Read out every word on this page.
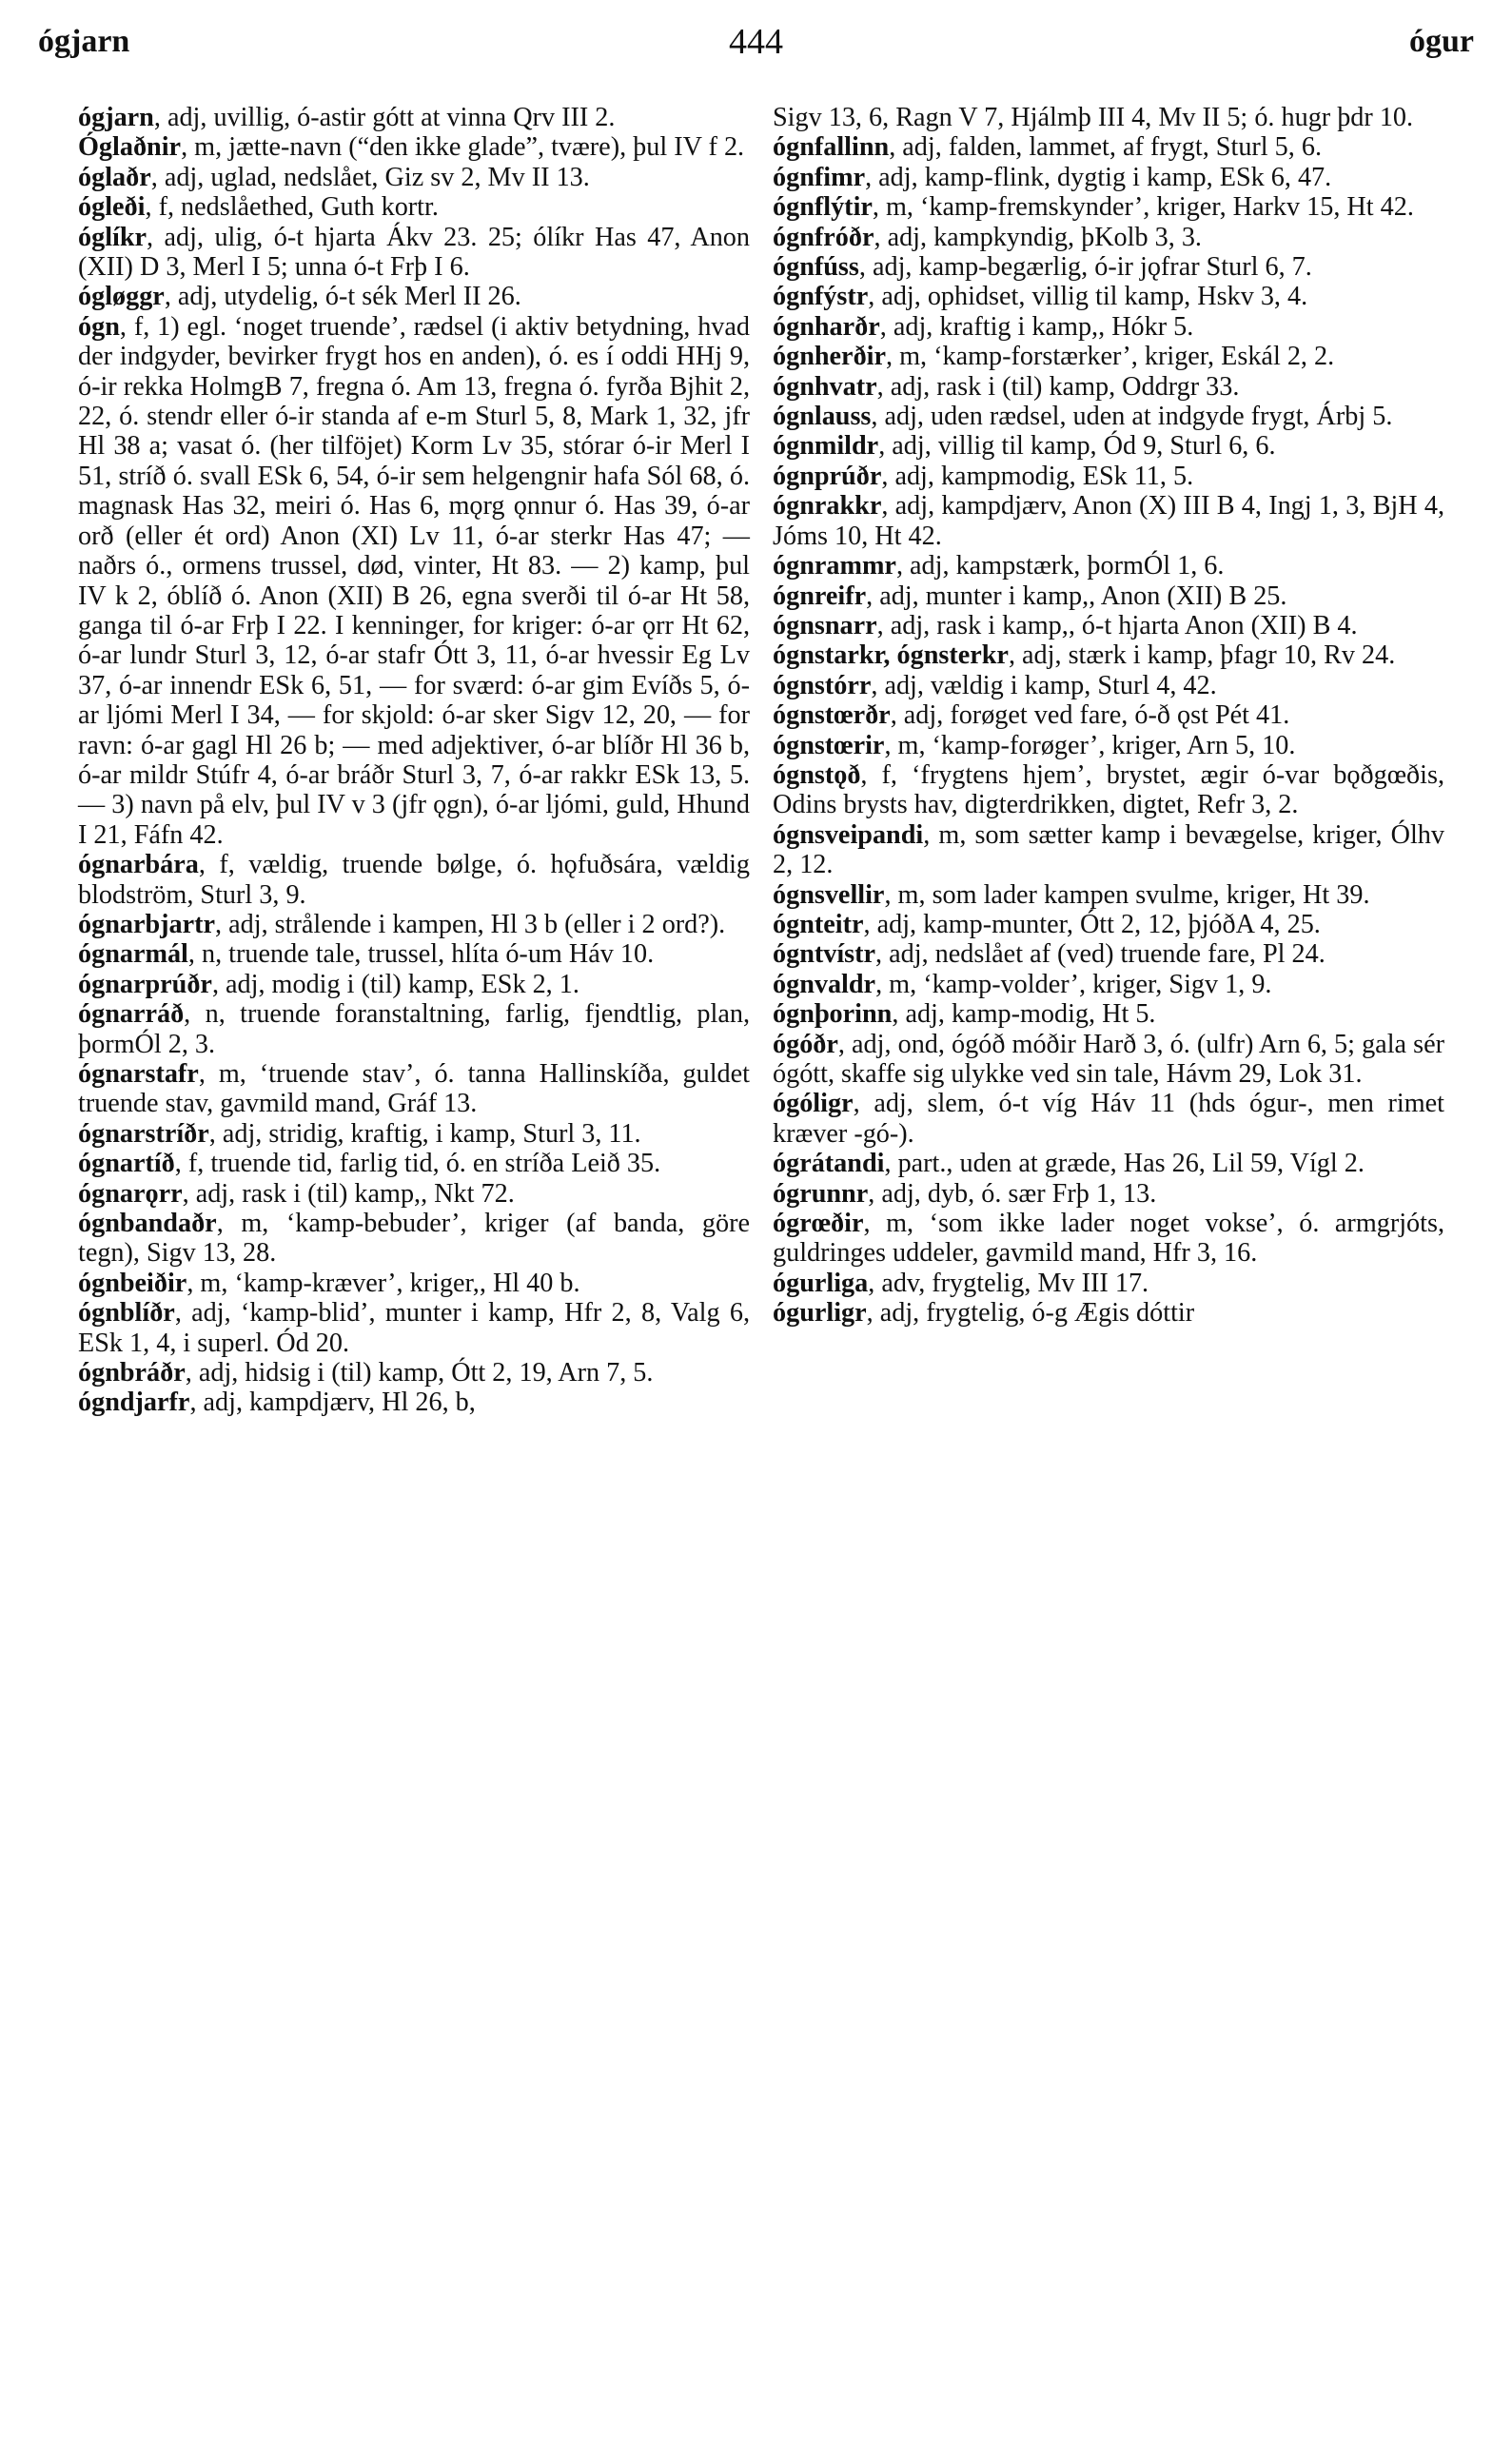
ógjarn	444	ógur

ógjarn, adj, uvillig, ó-astir gótt at vinna Qrv III 2.

Óglaðnir, m, jætte-navn (“den ikke glade”, tvære), þul IV f 2.

óglaðr, adj, uglad, nedslået, Giz sv 2, Mv II 13.

ógleði, f, nedslåethed, Guth kortr.

óglíkr, adj, ulig, ó-t hjarta Ákv 23. 25; ólíkr Has 47, Anon (XII) D 3, Merl I 5; unna ó-t Frþ I 6.

ógløggr, adj, utydelig, ó-t sék Merl II 26.

ógn, f, 1) egl. ‘noget truende’, rædsel (i aktiv betydning, hvad der indgyder, bevirker frygt hos en anden), ó. es í oddi HHj 9, ó-ir rekka HolmgB 7, fregna ó. Am 13, fregna ó. fyrða Bjhit 2, 22, ó. stendr eller ó-ir standa af e-m Sturl 5, 8, Mark 1, 32, jfr Hl 38 a; vasat ó. (her tilföjet) Korm Lv 35, stórar ó-ir Merl I 51, stríð ó. svall ESk 6, 54, ó-ir sem helgengnir hafa Sól 68, ó. magnask Has 32, meiri ó. Has 6, mǫrg ǫnnur ó. Has 39, ó-ar orð (eller ét ord) Anon (XI) Lv 11, ó-ar sterkr Has 47; — naðrs ó., ormens trussel, død, vinter, Ht 83. — 2) kamp, þul IV k 2, óblíð ó. Anon (XII) B 26, egna sverði til ó-ar Ht 58, ganga til ó-ar Frþ I 22. I kenninger, for kriger: ó-ar ǫrr Ht 62, ó-ar lundr Sturl 3, 12, ó-ar stafr Ótt 3, 11, ó-ar hvessir Eg Lv 37, ó-ar innendr ESk 6, 51, — for sværd: ó-ar gim Evíðs 5, ó-ar ljómi Merl I 34, — for skjold: ó-ar sker Sigv 12, 20, — for ravn: ó-ar gagl Hl 26 b; — med adjektiver, ó-ar blíðr Hl 36 b, ó-ar mildr Stúfr 4, ó-ar bráðr Sturl 3, 7, ó-ar rakkr ESk 13, 5. — 3) navn på elv, þul IV v 3 (jfr ǫgn), ó-ar ljómi, guld, Hhund I 21, Fáfn 42.

ógnarbára, f, vældig, truende bølge, ó. hǫfuðsára, vældig blodström, Sturl 3, 9.

ógnarbjartr, adj, strålende i kampen, Hl 3 b (eller i 2 ord?).

ógnarmál, n, truende tale, trussel, hlíta ó-um Háv 10.

ógnarprúðr, adj, modig i (til) kamp, ESk 2, 1.

ógnarráð, n, truende foranstaltning, farlig, fjendtlig, plan, þormÓl 2, 3.

ógnarstafr, m, ‘truende stav’, ó. tanna Hallinskíða, guldet truende stav, gavmild mand, Gráf 13.

ógnarstríðr, adj, stridig, kraftig, i kamp, Sturl 3, 11.

ógnartíð, f, truende tid, farlig tid, ó. en stríða Leið 35.

ógnarǫrr, adj, rask i (til) kamp,, Nkt 72.

ógnbandaðr, m, ‘kamp-bebuder’, kriger (af banda, göre tegn), Sigv 13, 28.

ógnbeiðir, m, ‘kamp-kræver’, kriger,, Hl 40 b.

ógnblíðr, adj, ‘kamp-blid’, munter i kamp, Hfr 2, 8, Valg 6, ESk 1, 4, i superl. Ód 20.

ógnbráðr, adj, hidsig i (til) kamp, Ótt 2, 19, Arn 7, 5.

ógndjarfr, adj, kampdjærv, Hl 26, b,

Sigv 13, 6, Ragn V 7, Hjálmþ III 4, Mv II 5; ó. hugr þdr 10.

ógnfallinn, adj, falden, lammet, af frygt, Sturl 5, 6.

ógnfimr, adj, kamp-flink, dygtig i kamp, ESk 6, 47.

ógnflýtir, m, ‘kamp-fremskynder’, kriger, Harkv 15, Ht 42.

ógnfróðr, adj, kampkyndig, þKolb 3, 3.

ógnfúss, adj, kamp-begærlig, ó-ir jǫfrar Sturl 6, 7.

ógnfýstr, adj, ophidset, villig til kamp, Hskv 3, 4.

ógnharðr, adj, kraftig i kamp,, Hókr 5.

ógnherðir, m, ‘kamp-forstærker’, kriger, Eskál 2, 2.

ógnhvatr, adj, rask i (til) kamp, Oddrgr 33.

ógnlauss, adj, uden rædsel, uden at indgyde frygt, Árbj 5.

ógnmildr, adj, villig til kamp, Ód 9, Sturl 6, 6.

ógnprúðr, adj, kampmodig, ESk 11, 5.

ógnrakkr, adj, kampdjærv, Anon (X) III B 4, Ingj 1, 3, BjH 4, Jóms 10, Ht 42.

ógnrammr, adj, kampstærk, þormÓl 1, 6.

ógnreifr, adj, munter i kamp,, Anon (XII) B 25.

ógnsnarr, adj, rask i kamp,, ó-t hjarta Anon (XII) B 4.

ógnstarkr, ógnsterkr, adj, stærk i kamp, þfagr 10, Rv 24.

ógnstórr, adj, vældig i kamp, Sturl 4, 42.

ógnstœrðr, adj, forøget ved fare, ó-ð ǫst Pét 41.

ógnstœrir, m, ‘kamp-forøger’, kriger, Arn 5, 10.

ógnstǫð, f, ‘frygtens hjem’, brystet, ægir ó-var bǫðgœðis, Odins brysts hav, digterdrikken, digtet, Refr 3, 2.

ógnsveipandi, m, som sætter kamp i bevægelse, kriger, Ólhv 2, 12.

ógnsvellir, m, som lader kampen svulme, kriger, Ht 39.

ógnteitr, adj, kamp-munter, Ótt 2, 12, þjóðA 4, 25.

ógntvístr, adj, nedslået af (ved) truende fare, Pl 24.

ógnvaldr, m, ‘kamp-volder’, kriger, Sigv 1, 9.

ógnþorinn, adj, kamp-modig, Ht 5.

ógóðr, adj, ond, ógóð móðir Harð 3, ó. (ulfr) Arn 6, 5; gala sér ógótt, skaffe sig ulykke ved sin tale, Hávm 29, Lok 31.

ógóligr, adj, slem, ó-t víg Háv 11 (hds ógur-, men rimet kræver -gó-).

ógrátandi, part., uden at græde, Has 26, Lil 59, Vígl 2.

ógrunnr, adj, dyb, ó. sær Frþ 1, 13.

ógrœðir, m, ‘som ikke lader noget vokse’, ó. armgrjóts, guldringes uddeler, gavmild mand, Hfr 3, 16.

ógurliga, adv, frygtelig, Mv III 17.

ógurligr, adj, frygtelig, ó-g Ægis dóttir
